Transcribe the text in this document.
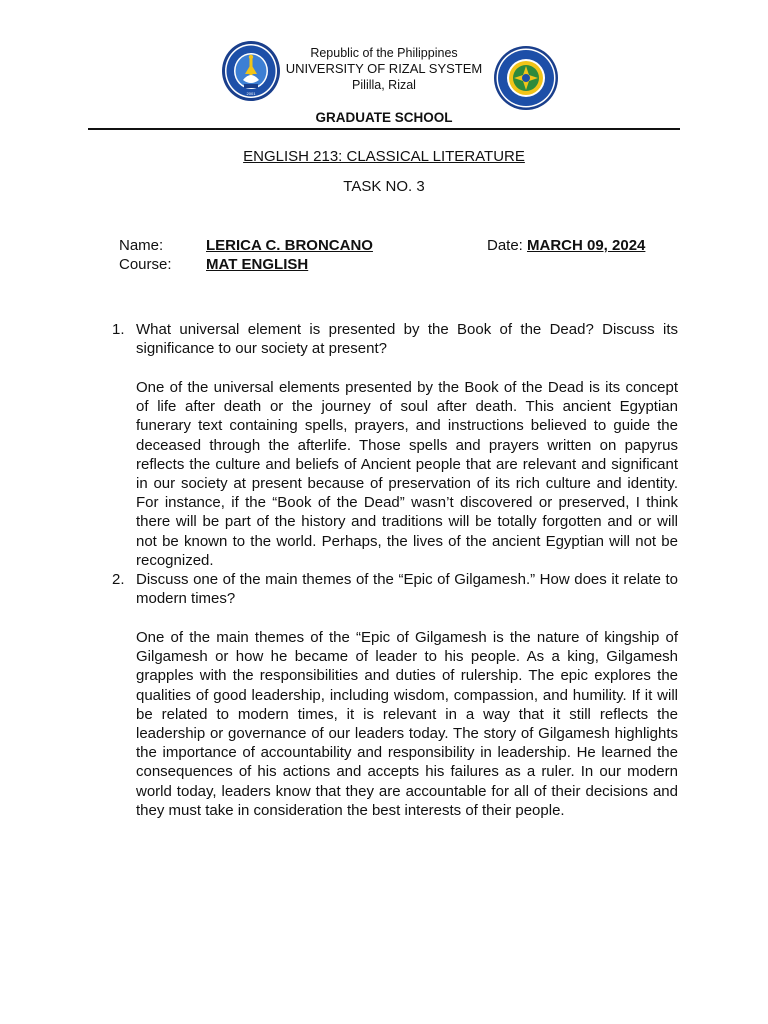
2001
Republic of the Philippines
UNIVERSITY OF RIZAL SYSTEM
Pililla, Rizal
GRADUATE SCHOOL
ENGLISH 213: CLASSICAL LITERATURE
TASK NO. 3
Name:	LERICA C. BRONCANO
Course: MAT ENGLISH
Date: MARCH 09, 2024
1. What universal element is presented by the Book of the Dead? Discuss its significance to our society at present?

One of the universal elements presented by the Book of the Dead is its concept of life after death or the journey of soul after death. This ancient Egyptian funerary text containing spells, prayers, and instructions believed to guide the deceased through the afterlife. Those spells and prayers written on papyrus reflects the culture and beliefs of Ancient people that are relevant and significant in our society at present because of preservation of its rich culture and identity. For instance, if the “Book of the Dead” wasn’t discovered or preserved, I think there will be part of the history and traditions will be totally forgotten and or will not be known to the world. Perhaps, the lives of the ancient Egyptian will not be recognized.

2. Discuss one of the main themes of the “Epic of Gilgamesh.” How does it relate to modern times?

One of the main themes of the “Epic of Gilgamesh is the nature of kingship of Gilgamesh or how he became of leader to his people. As a king, Gilgamesh grapples with the responsibilities and duties of rulership. The epic explores the qualities of good leadership, including wisdom, compassion, and humility. If it will be related to modern times, it is relevant in a way that it still reflects the leadership or governance of our leaders today. The story of Gilgamesh highlights the importance of accountability and responsibility in leadership. He learned the consequences of his actions and accepts his failures as a ruler. In our modern world today, leaders know that they are accountable for all of their decisions and they must take in consideration the best interests of their people.
